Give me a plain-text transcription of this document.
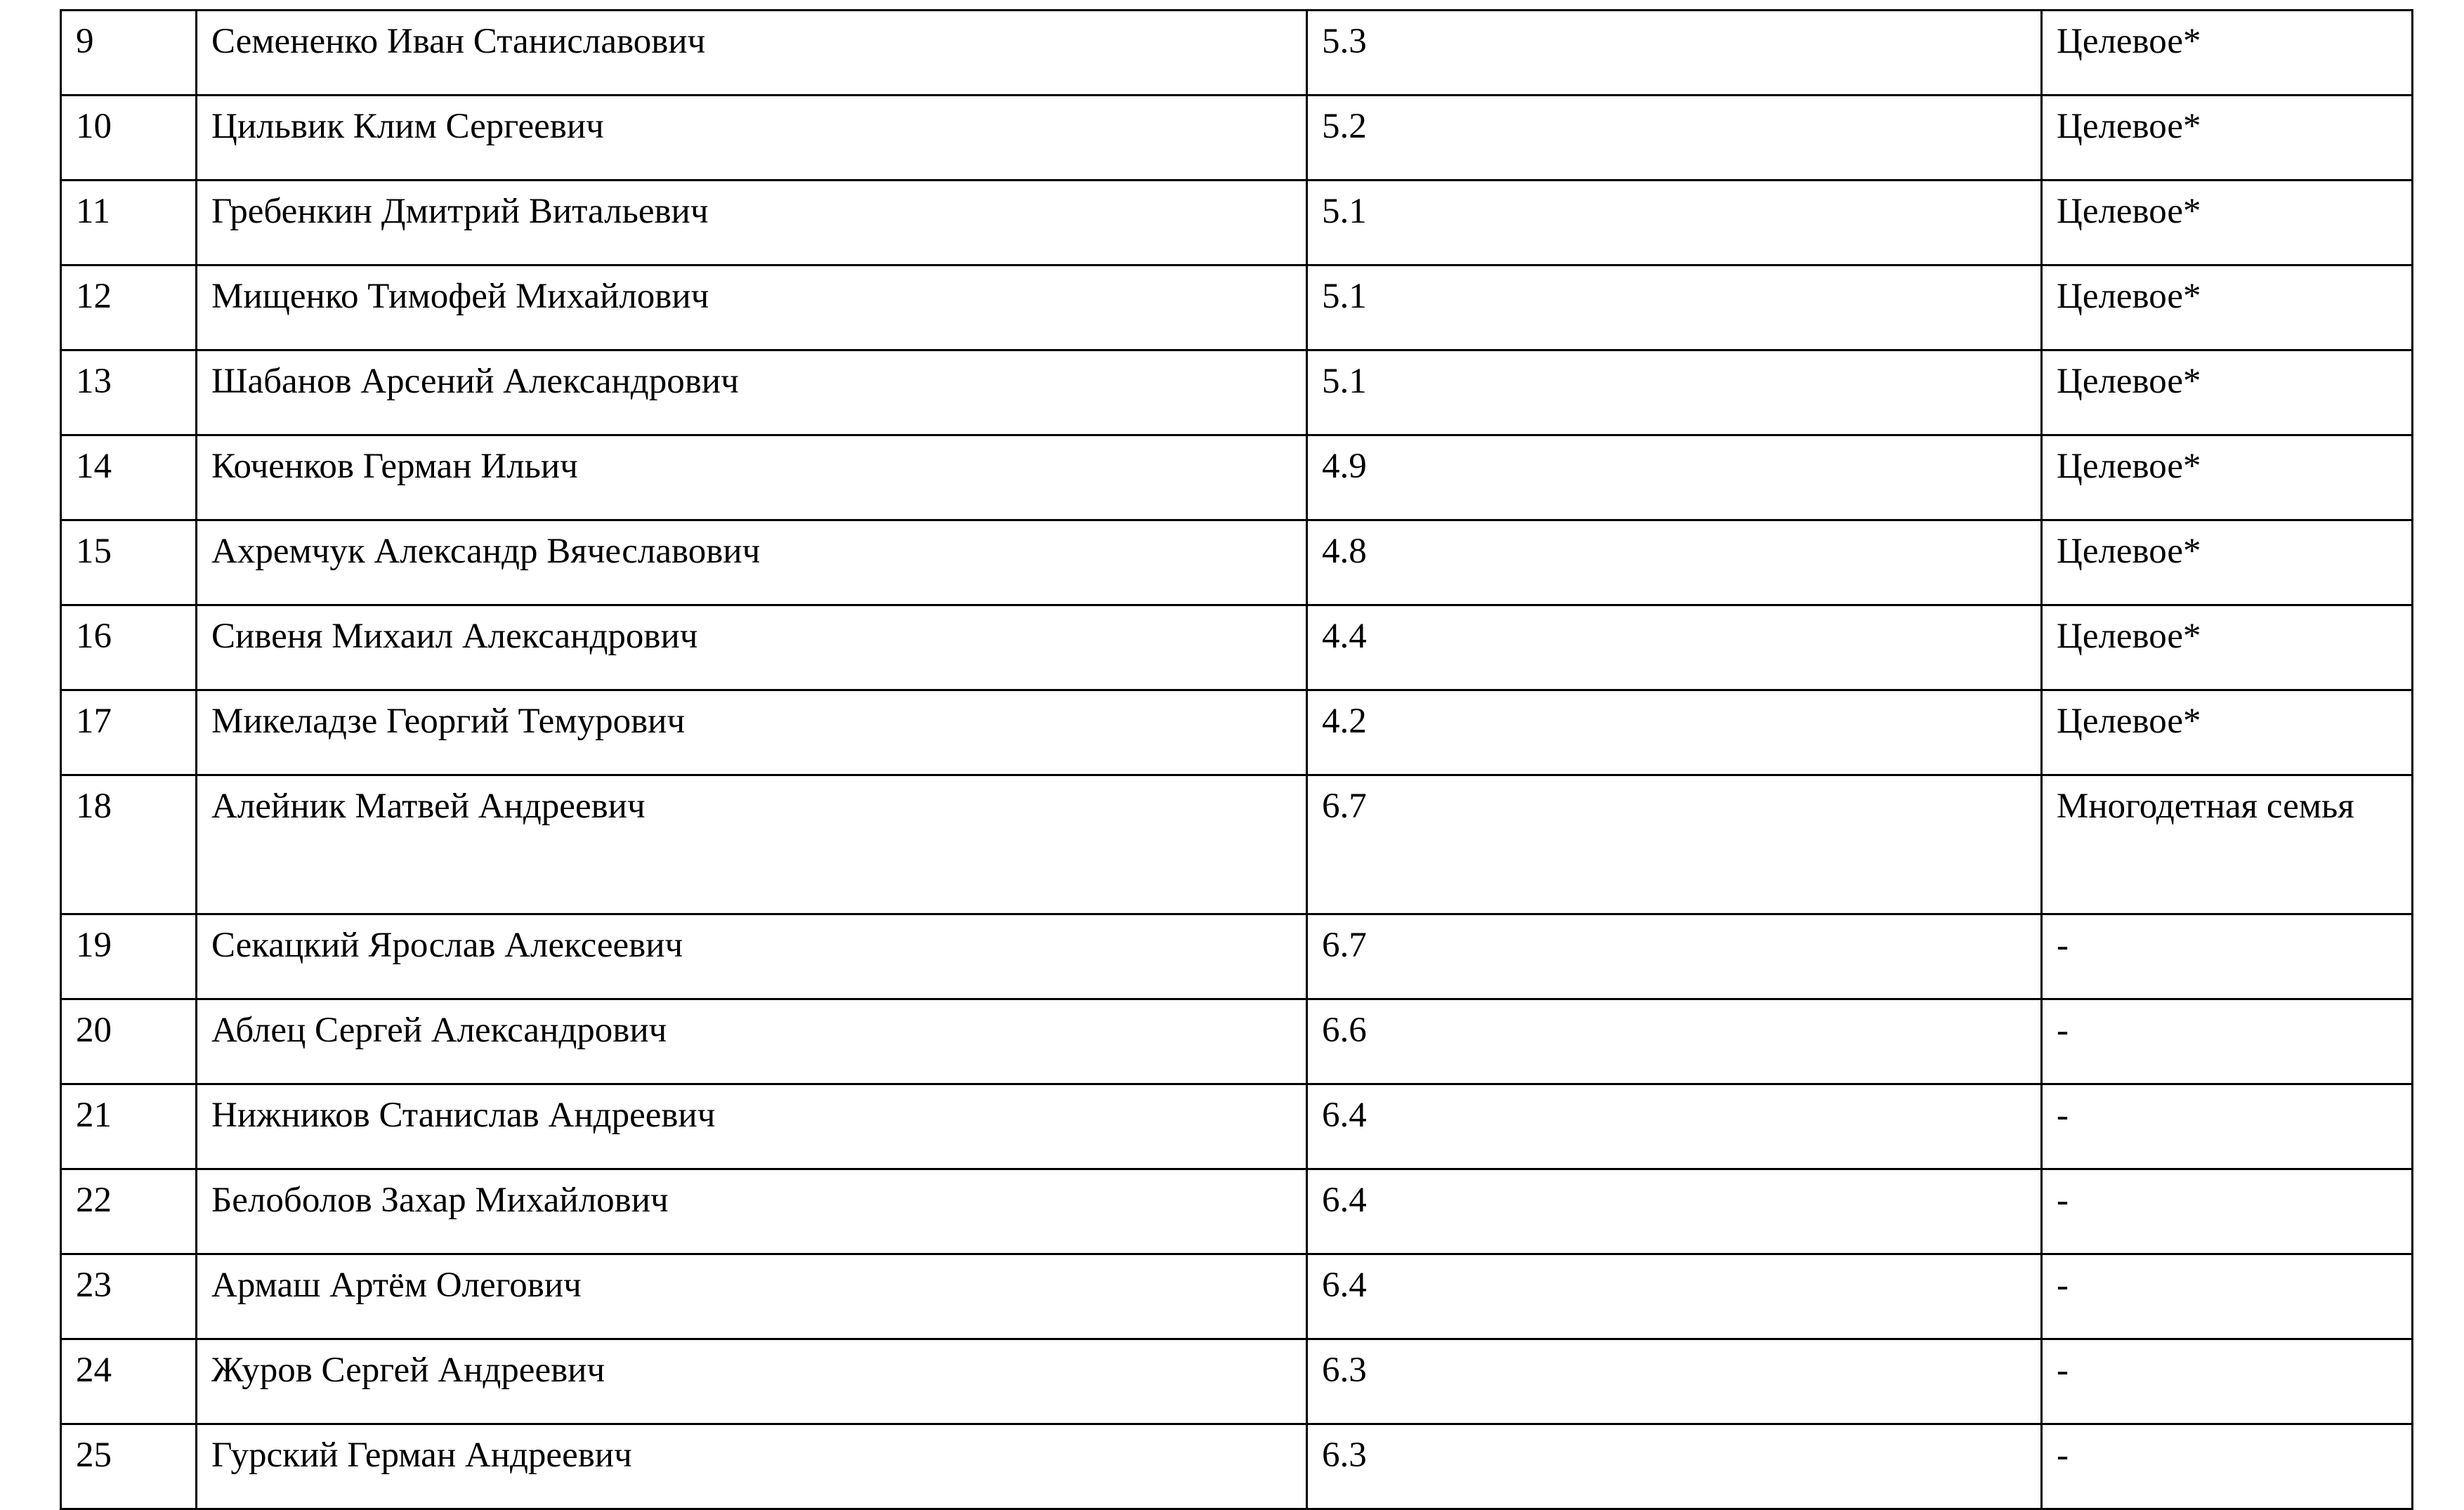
9	Семененко Иван Станиславович	5.3	Целевое*
10	Цильвик Клим Сергеевич	5.2	Целевое*
11	Гребенкин Дмитрий Витальевич	5.1	Целевое*
12	Мищенко Тимофей Михайлович	5.1	Целевое*
13	Шабанов Арсений Александрович	5.1	Целевое*
14	Коченков Герман Ильич	4.9	Целевое*
15	Ахремчук Александр Вячеславович	4.8	Целевое*
16	Сивеня Михаил Александрович	4.4	Целевое*
17	Микеладзе Георгий Темурович	4.2	Целевое*
18	Алейник Матвей Андреевич	6.7	Многодетная семья
19	Секацкий Ярослав Алексеевич	6.7	-
20	Аблец Сергей Александрович	6.6	-
21	Нижников Станислав Андреевич	6.4	-
22	Белоболов Захар Михайлович	6.4	-
23	Армаш Артём Олегович	6.4	-
24	Журов Сергей Андреевич	6.3	-
25	Гурский Герман Андреевич	6.3	-
